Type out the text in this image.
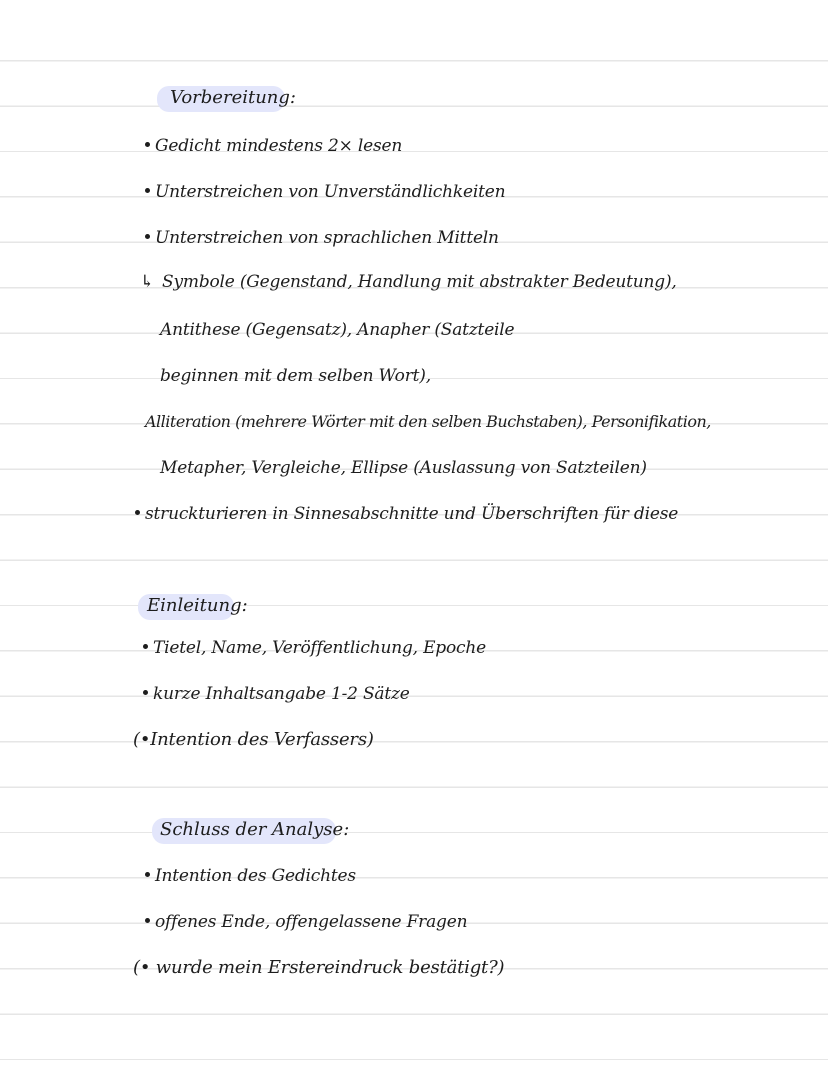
Vorbereitung:
Gedicht mindestens 2× lesen
Unterstreichen von Unverständlichkeiten
Unterstreichen von sprachlichen Mitteln
↳ Symbole (Gegenstand, Handlung mit abstrakter Bedeutung),
Antithese (Gegensatz), Anapher (Satzteile
beginnen mit dem selben Wort),
Alliteration (mehrere Wörter mit den selben Buchstaben), Personifikation,
Metapher, Vergleiche, Ellipse (Auslassung von Satzteilen)
struckturieren in Sinnesabschnitte und Überschriften für diese
Einleitung:
Tietel, Name, Veröffentlichung, Epoche
kurze Inhaltsangabe 1-2 Sätze
(•Intention des Verfassers)
Schluss der Analyse:
Intention des Gedichtes
offenes Ende, offengelassene Fragen
(• wurde mein Erstereindruck bestätigt?)
